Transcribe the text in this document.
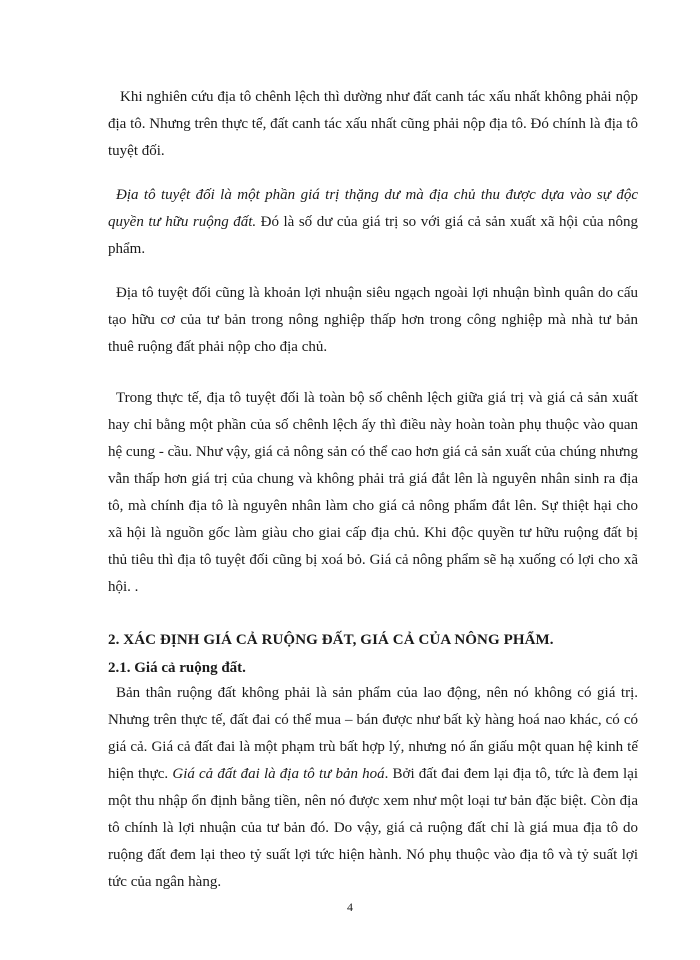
Khi nghiên cứu địa tô chênh lệch thì dường như đất canh tác xấu nhất không phải nộp địa tô. Nhưng trên thực tế, đất canh tác xấu nhất cũng phải nộp địa tô. Đó chính là địa tô tuyệt đối.

Địa tô tuyệt đối là một phần giá trị thặng dư mà địa chủ thu được dựa vào sự độc quyền tư hữu ruộng đất. Đó là số dư của giá trị so với giá cả sản xuất xã hội của nông phẩm.

Địa tô tuyệt đối cũng là khoản lợi nhuận siêu ngạch ngoài lợi nhuận bình quân do cấu tạo hữu cơ của tư bản trong nông nghiệp thấp hơn trong công nghiệp mà nhà tư bản thuê ruộng đất phải nộp cho địa chủ.

Trong thực tế, địa tô tuyệt đối là toàn bộ số chênh lệch giữa giá trị và giá cả sản xuất hay chỉ bằng một phần của số chênh lệch ấy thì điều này hoàn toàn phụ thuộc vào quan hệ cung - cầu. Như vậy, giá cả nông sản có thể cao hơn giá cả sản xuất của chúng nhưng vẫn thấp hơn giá trị của chung và không phải trả giá đắt lên là nguyên nhân sinh ra địa tô, mà chính địa tô là nguyên nhân làm cho giá cả nông phẩm đắt lên. Sự thiệt hại cho xã hội là nguồn gốc làm giàu cho giai cấp địa chủ. Khi độc quyền tư hữu ruộng đất bị thủ tiêu thì địa tô tuyệt đối cũng bị xoá bỏ. Giá cả nông phẩm sẽ hạ xuống có lợi cho xã hội. .

2. XÁC ĐỊNH GIÁ CẢ RUỘNG ĐẤT, GIÁ CẢ CỦA NÔNG PHẨM.
2.1. Giá cả ruộng đất.

Bản thân ruộng đất không phải là sản phẩm của lao động, nên nó không có giá trị. Nhưng trên thực tế, đất đai có thể mua – bán được như bất kỳ hàng hoá nao khác, có có giá cả. Giá cả đất đai là một phạm trù bất hợp lý, nhưng nó ẩn giấu một quan hệ kinh tế hiện thực. Giá cả đất đai là địa tô tư bản hoá. Bởi đất đai đem lại địa tô, tức là đem lại một thu nhập ổn định bằng tiền, nên nó được xem như một loại tư bản đặc biệt. Còn địa tô chính là lợi nhuận của tư bản đó. Do vậy, giá cả ruộng đất chỉ là giá mua địa tô do ruộng đất đem lại theo tỷ suất lợi tức hiện hành. Nó phụ thuộc vào địa tô và tỷ suất lợi tức của ngân hàng.

4
